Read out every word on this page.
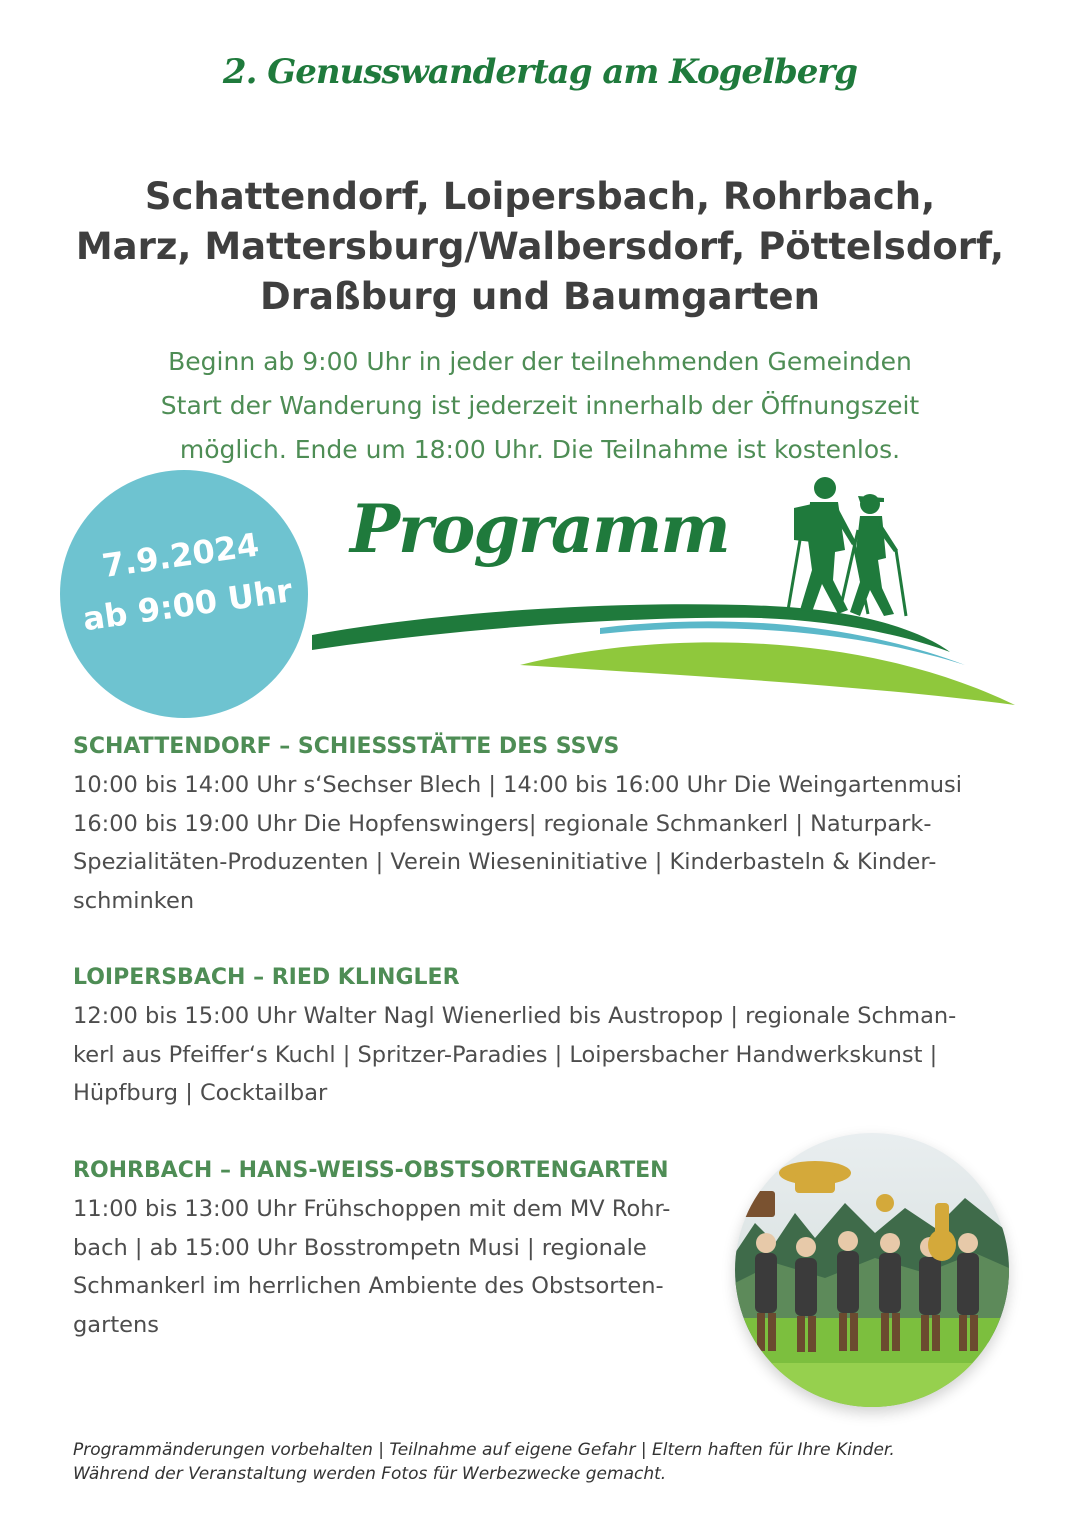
2. Genusswandertag am Kogelberg
Schattendorf, Loipersbach, Rohrbach,
Marz, Mattersburg/Walbersdorf, Pöttelsdorf,
Draßburg und Baumgarten
Beginn ab 9:00 Uhr in jeder der teilnehmenden Gemeinden
Start der Wanderung ist jederzeit innerhalb der Öffnungszeit
möglich. Ende um 18:00 Uhr. Die Teilnahme ist kostenlos.
Programm
7.9.2024
ab 9:00 Uhr
SCHATTENDORF – SCHIESSSTÄTTE DES SSVS
10:00 bis 14:00 Uhr s‘Sechser Blech | 14:00 bis 16:00 Uhr Die Weingartenmusi
16:00 bis 19:00 Uhr Die Hopfenswingers| regionale Schmankerl | Naturpark-
Spezialitäten-Produzenten | Verein Wieseninitiative | Kinderbasteln & Kinder-
schminken
LOIPERSBACH – RIED KLINGLER
12:00 bis 15:00 Uhr Walter Nagl Wienerlied bis Austropop | regionale Schman-
kerl aus Pfeiffer‘s Kuchl | Spritzer-Paradies | Loipersbacher Handwerkskunst |
Hüpfburg | Cocktailbar
ROHRBACH – HANS-WEISS-OBSTSORTENGARTEN
11:00 bis 13:00 Uhr Frühschoppen mit dem MV Rohr-
bach | ab 15:00 Uhr Bosstrompetn Musi | regionale
Schmankerl im herrlichen Ambiente des Obstsorten-
gartens
Programmänderungen vorbehalten | Teilnahme auf eigene Gefahr | Eltern haften für Ihre Kinder.
Während der Veranstaltung werden Fotos für Werbezwecke gemacht.
